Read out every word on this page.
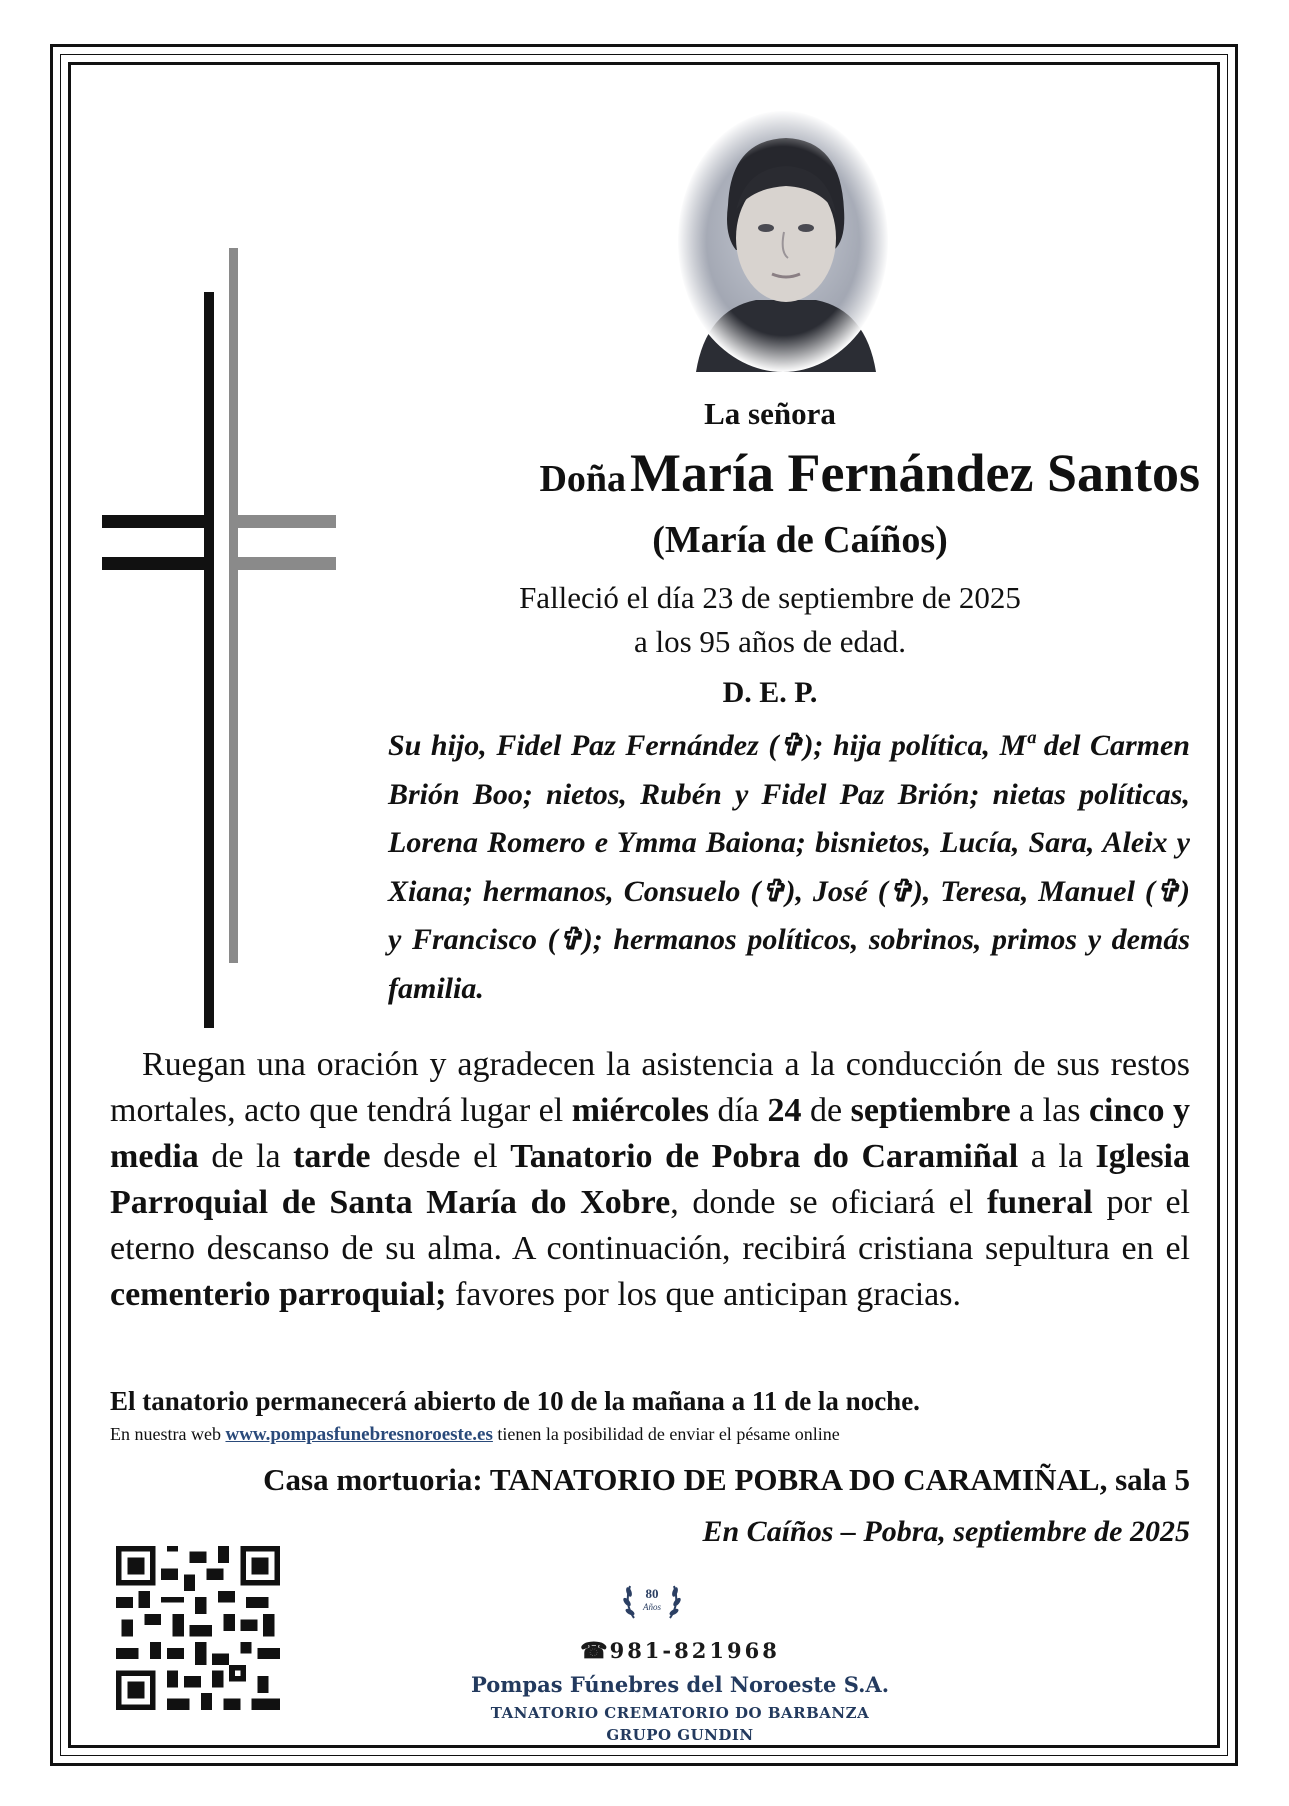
La señora
Doña María Fernández Santos
(María de Caíños)
Falleció el día 23 de septiembre de 2025
a los 95 años de edad.
D. E. P.
Su hijo, Fidel Paz Fernández (✞); hija política, Mª del Carmen Brión Boo; nietos, Rubén y Fidel Paz Brión; nietas políticas, Lorena Romero e Ymma Baiona; bisnietos, Lucía, Sara, Aleix y Xiana; hermanos, Consuelo (✞), José (✞), Teresa, Manuel (✞) y Francisco (✞); hermanos políticos, sobrinos, primos y demás familia.
Ruegan una oración y agradecen la asistencia a la conducción de sus restos mortales, acto que tendrá lugar el miércoles día 24 de septiembre a las cinco y media de la tarde desde el Tanatorio de Pobra do Caramiñal a la Iglesia Parroquial de Santa María do Xobre, donde se oficiará el funeral por el eterno descanso de su alma. A continuación, recibirá cristiana sepultura en el cementerio parroquial; favores por los que anticipan gracias.
El tanatorio permanecerá abierto de 10 de la mañana a 11 de la noche.
En nuestra web www.pompasfunebresnoroeste.es tienen la posibilidad de enviar el pésame online
Casa mortuoria: TANATORIO DE POBRA DO CARAMIÑAL, sala 5
En Caíños – Pobra, septiembre de 2025
80
Años
☎981-821968
Pompas Fúnebres del Noroeste S.A.
TANATORIO CREMATORIO DO BARBANZA
GRUPO GUNDIN
